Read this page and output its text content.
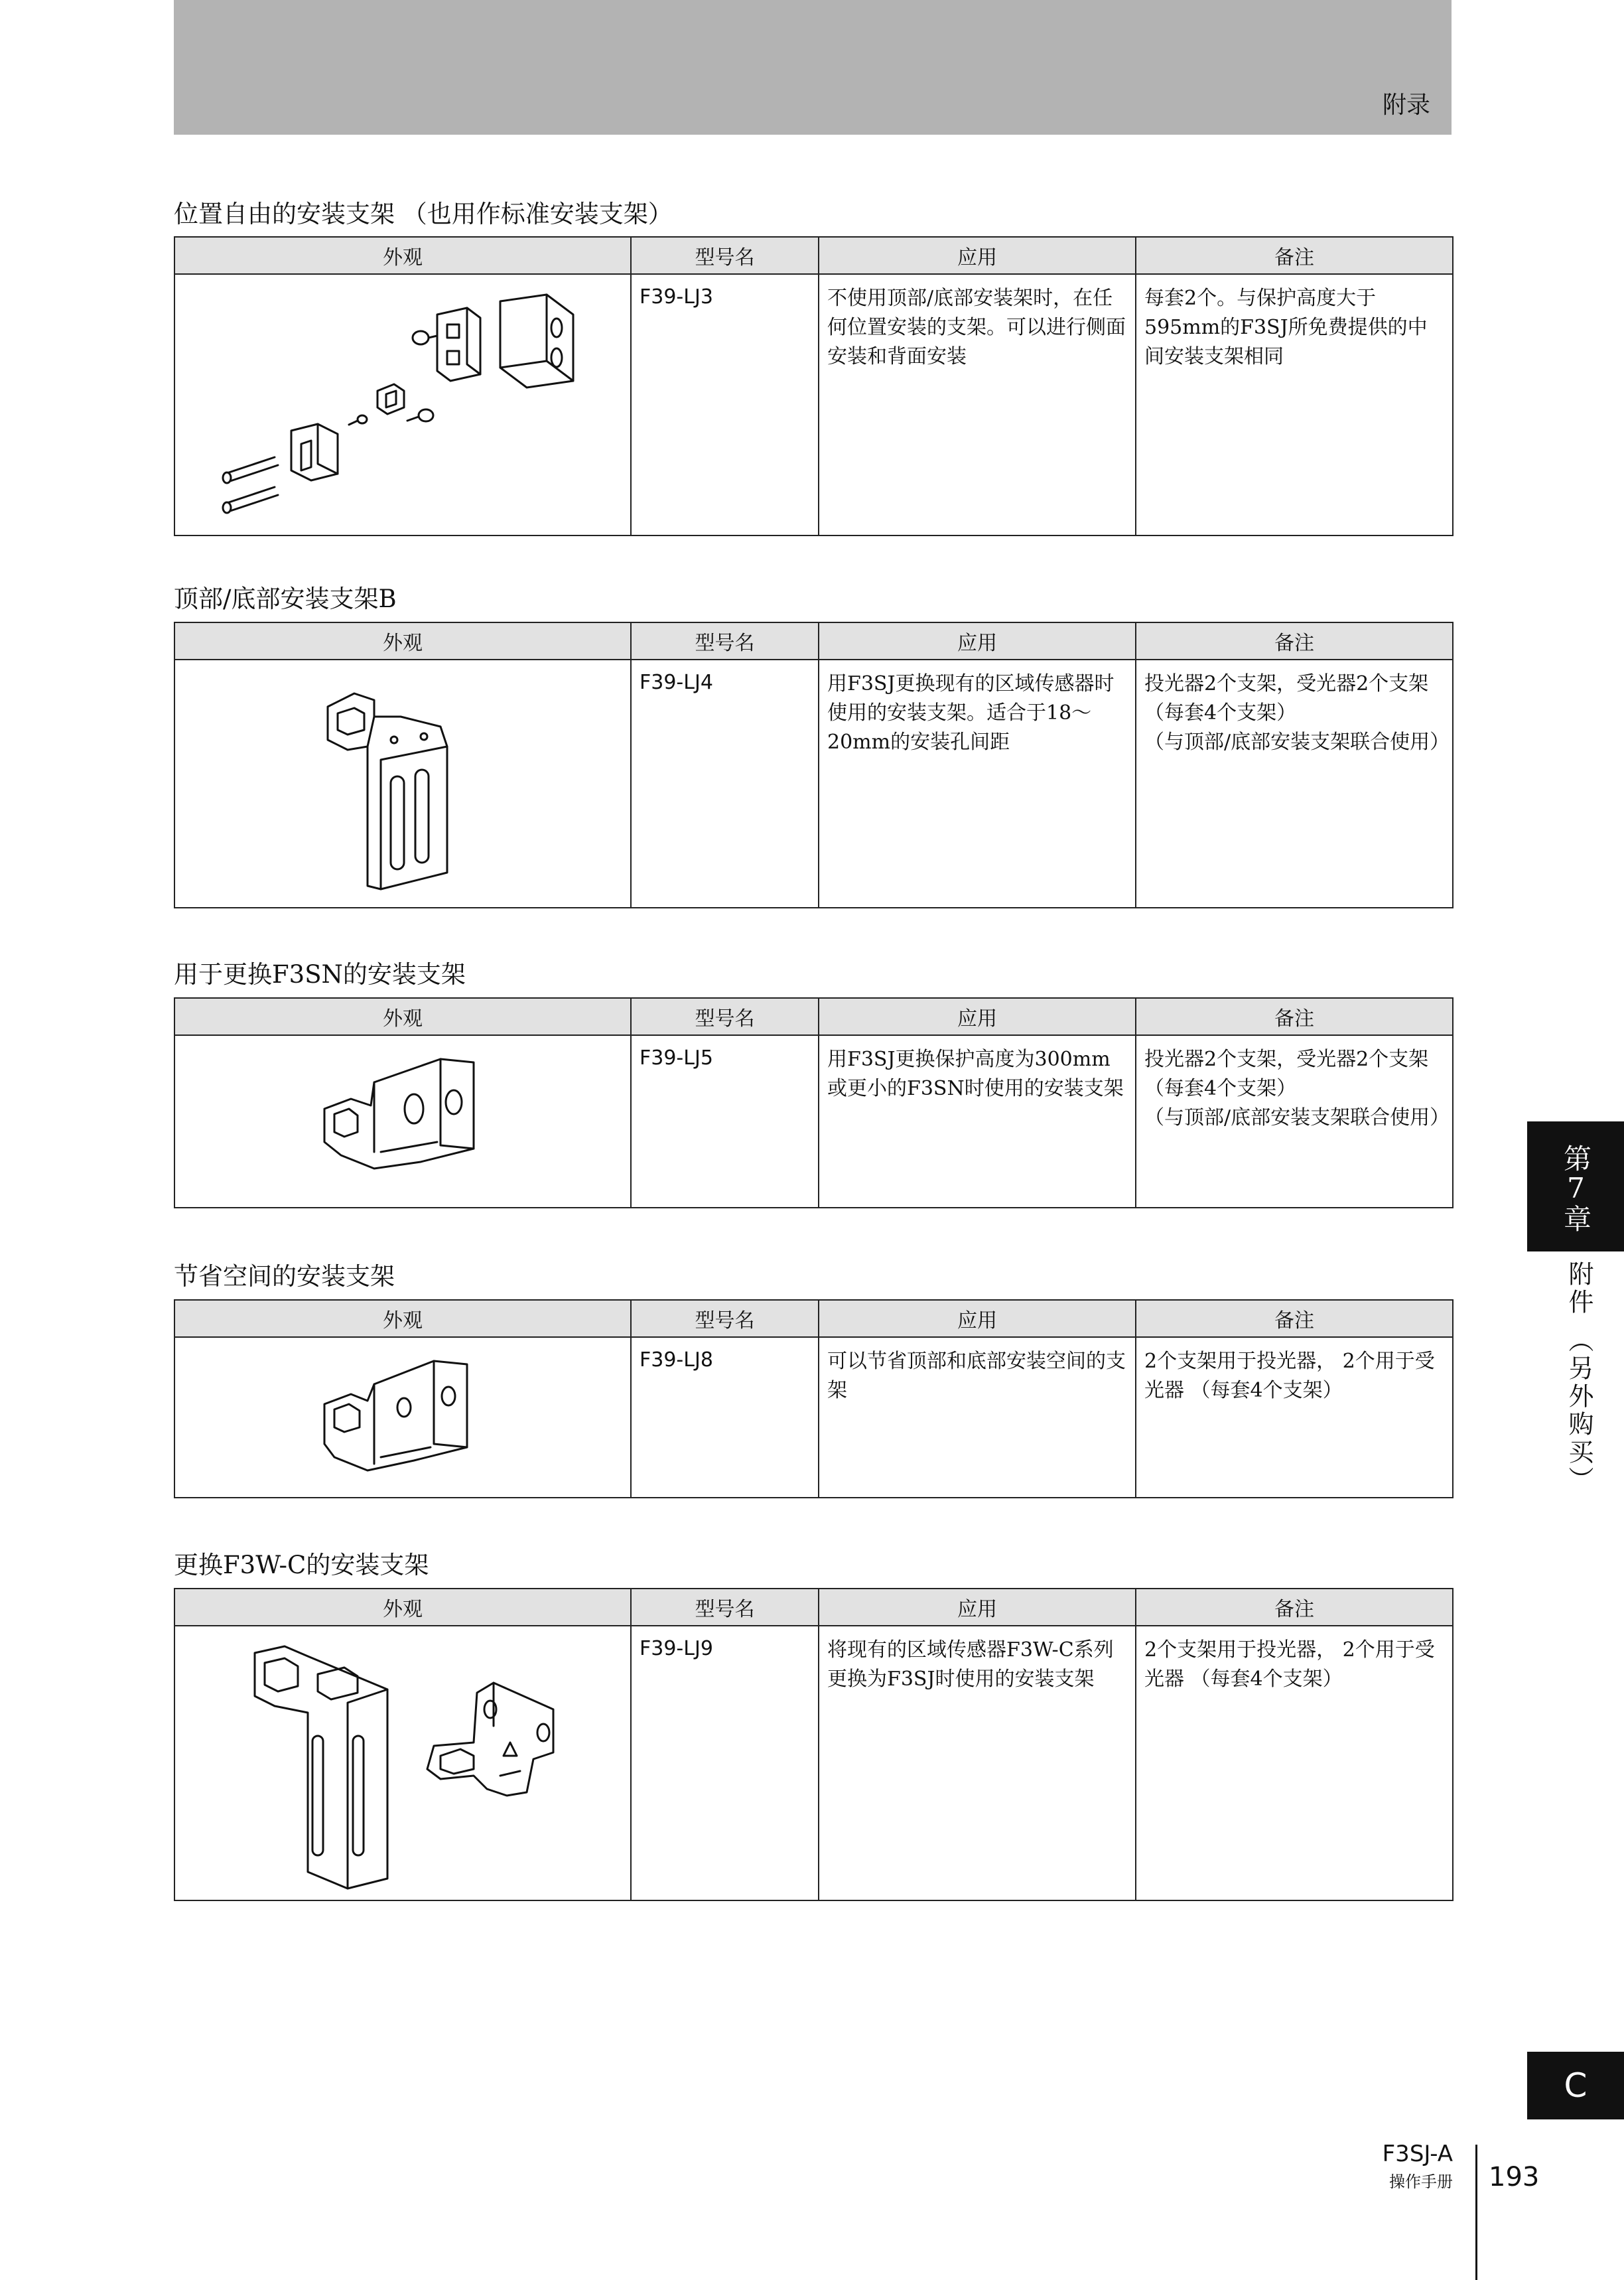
附录
位置自由的安装支架 （也用作标准安装支架）
外观	型号名	应用	备注

	F39-LJ3	不使用顶部/底部安装架时，在任何位置安装的支架。可以进行侧面安装和背面安装	每套2个。与保护高度大于595mm的F3SJ所免费提供的中间安装支架相同
顶部/底部安装支架B
外观	型号名	应用	备注

	F39-LJ4	用F3SJ更换现有的区域传感器时使用的安装支架。适合于18～20mm的安装孔间距	投光器2个支架，受光器2个支架（每套4个支架）
（与顶部/底部安装支架联合使用）
用于更换F3SN的安装支架
外观	型号名	应用	备注

	F39-LJ5	用F3SJ更换保护高度为300mm或更小的F3SN时使用的安装支架	投光器2个支架，受光器2个支架（每套4个支架）
（与顶部/底部安装支架联合使用）
节省空间的安装支架
外观	型号名	应用	备注

	F39-LJ8	可以节省顶部和底部安装空间的支架	2个支架用于投光器， 2个用于受光器 （每套4个支架）
更换F3W-C的安装支架
外观	型号名	应用	备注

	F39-LJ9	将现有的区域传感器F3W-C系列更换为F3SJ时使用的安装支架	2个支架用于投光器， 2个用于受光器 （每套4个支架）
第7章
附件 （另外购买）
C
F3SJ-A
操作手册 193
